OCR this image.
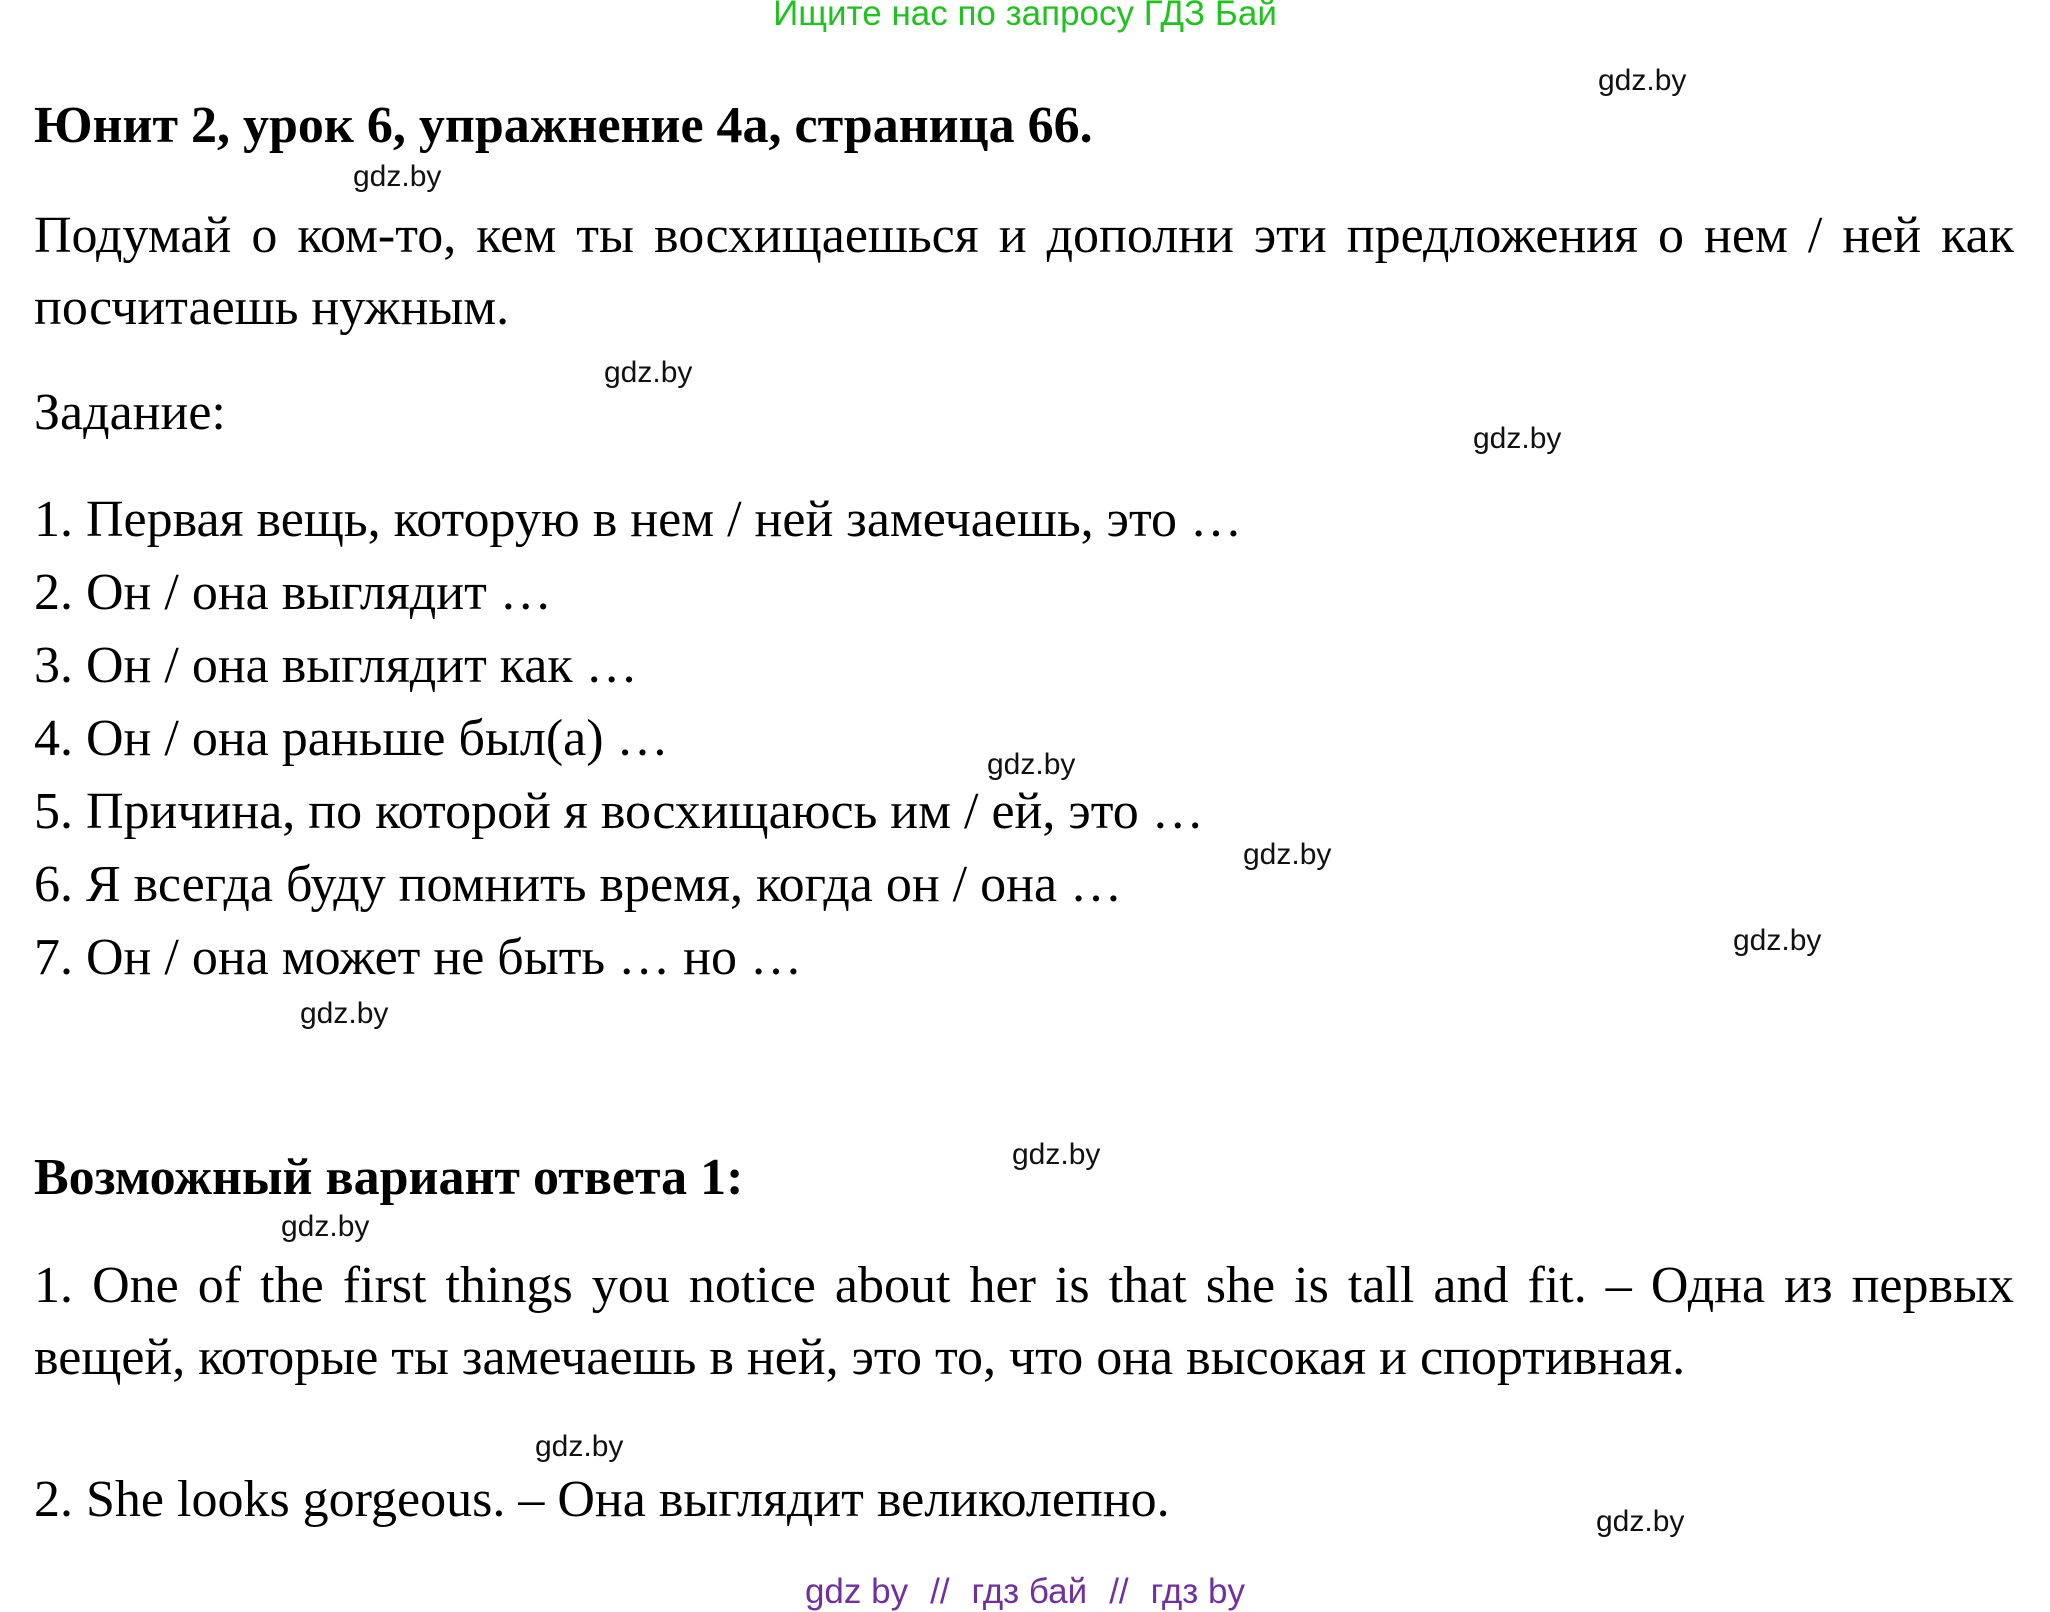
Ищите нас по запросу ГДЗ Бай
Юнит 2, урок 6, упражнение 4а, страница 66.
Подумай о ком-то, кем ты восхищаешься и дополни эти предложения о нем / ней как посчитаешь нужным.
Задание:
1. Первая вещь, которую в нем / ней замечаешь, это …
2. Он / она выглядит …
3. Он / она выглядит как …
4. Он / она раньше был(а) …
5. Причина, по которой я восхищаюсь им / ей, это …
6. Я всегда буду помнить время, когда он / она …
7. Он / она может не быть … но …
Возможный вариант ответа 1:
1. One of the first things you notice about her is that she is tall and fit. – Одна из первых вещей, которые ты замечаешь в ней, это то, что она высокая и спортивная.
2. She looks gorgeous. – Она выглядит великолепно.
gdz.by
gdz.by
gdz.by
gdz.by
gdz.by
gdz.by
gdz.by
gdz.by
gdz.by
gdz.by
gdz.by
gdz.by
gdz by // гдз бай // гдз by
